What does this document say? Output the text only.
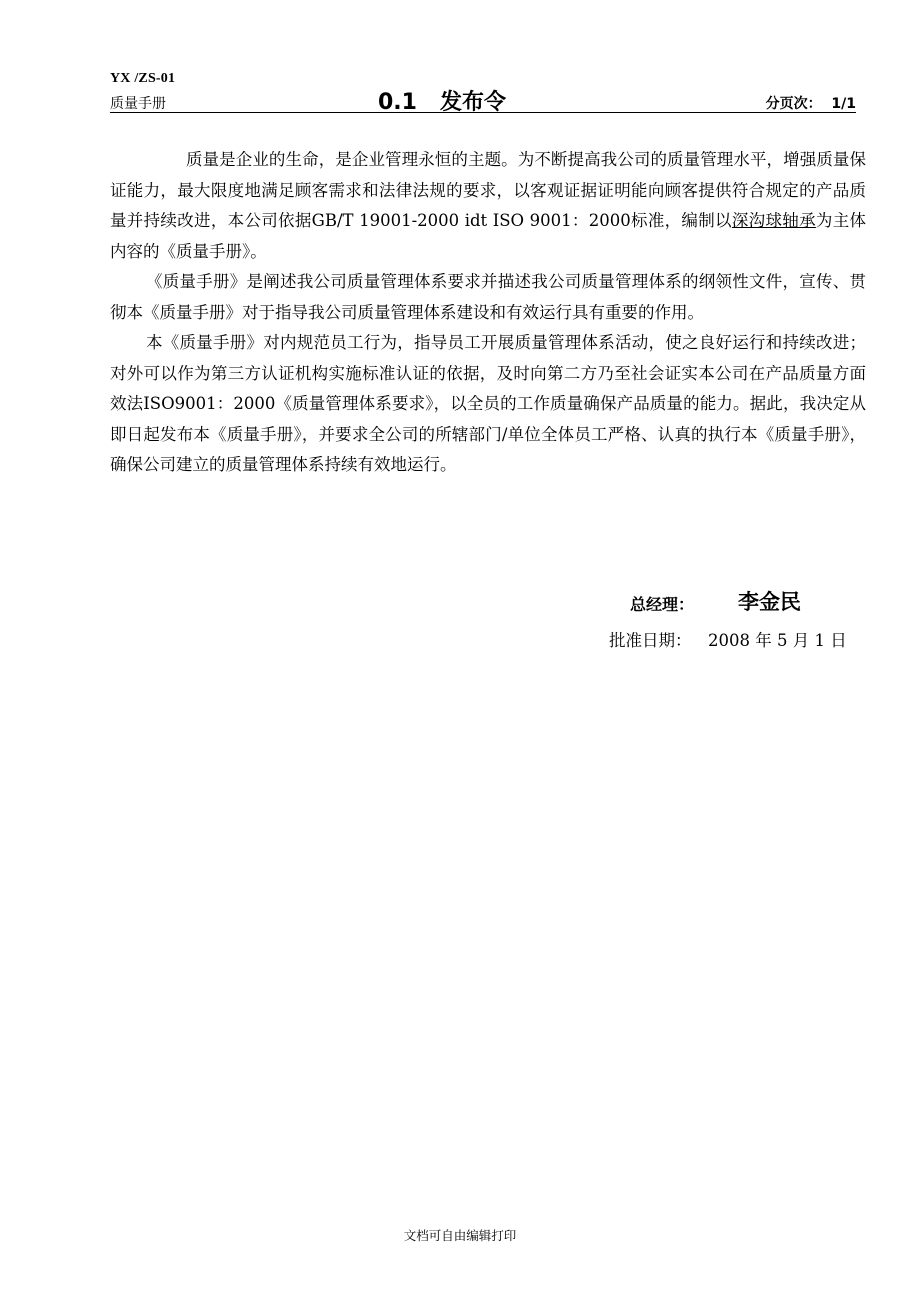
YX /ZS-01
质量手册	0.1   发布令	分页次：  1/1

质量是企业的生命，是企业管理永恒的主题。为不断提高我公司的质量管理水平，增强质量保证能力，最大限度地满足顾客需求和法律法规的要求，以客观证据证明能向顾客提供符合规定的产品质量并持续改进，本公司依据GB/T 19001-2000 idt ISO 9001：2000标准，编制以深沟球轴承为主体内容的《质量手册》。

《质量手册》是阐述我公司质量管理体系要求并描述我公司质量管理体系的纲领性文件，宣传、贯彻本《质量手册》对于指导我公司质量管理体系建设和有效运行具有重要的作用。

本《质量手册》对内规范员工行为，指导员工开展质量管理体系活动，使之良好运行和持续改进；对外可以作为第三方认证机构实施标准认证的依据，及时向第二方乃至社会证实本公司在产品质量方面效法ISO9001：2000《质量管理体系要求》，以全员的工作质量确保产品质量的能力。据此，我决定从即日起发布本《质量手册》，并要求全公司的所辖部门/单位全体员工严格、认真的执行本《质量手册》，确保公司建立的质量管理体系持续有效地运行。

总经理： 李金民
批准日期： 2008 年 5 月 1 日
文档可自由编辑打印
